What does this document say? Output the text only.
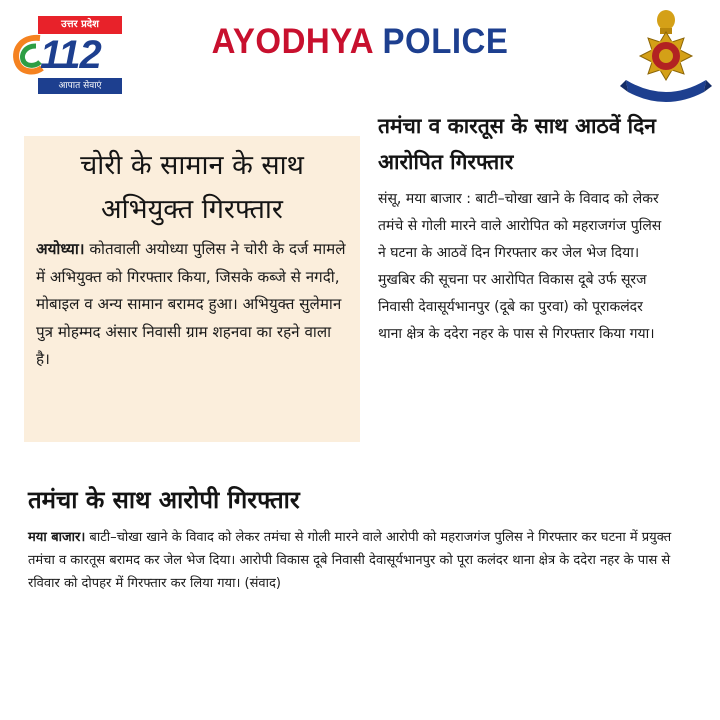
उत्तर प्रदेश
112
आपात सेवाएं
AYODHYA POLICE

चोरी के सामान के साथ अभियुक्त गिरफ्तार

अयोध्या। कोतवाली अयोध्या पुलिस ने चोरी के दर्ज मामले में अभियुक्त को गिरफ्तार किया, जिसके कब्जे से नगदी, मोबाइल व अन्य सामान बरामद हुआ। अभियुक्त सुलेमान पुत्र मोहम्मद अंसार निवासी ग्राम शहनवा का रहने वाला है।

तमंचा व कारतूस के साथ आठवें दिन आरोपित गिरफ्तार

संसू, मया बाजार : बाटी–चोखा खाने के विवाद को लेकर तमंचे से गोली मारने वाले आरोपित को महराजगंज पुलिस ने घटना के आठवें दिन गिरफ्तार कर जेल भेज दिया। मुखबिर की सूचना पर आरोपित विकास दूबे उर्फ सूरज निवासी देवासूर्यभानपुर (दूबे का पुरवा) को पूराकलंदर थाना क्षेत्र के ददेरा नहर के पास से गिरफ्तार किया गया।

तमंचा के साथ आरोपी गिरफ्तार

मया बाजार। बाटी–चोखा खाने के विवाद को लेकर तमंचा से गोली मारने वाले आरोपी को महराजगंज पुलिस ने गिरफ्तार कर घटना में प्रयुक्त तमंचा व कारतूस बरामद कर जेल भेज दिया। आरोपी विकास दूबे निवासी देवासूर्यभानपुर को पूरा कलंदर थाना क्षेत्र के ददेरा नहर के पास से रविवार को दोपहर में गिरफ्तार कर लिया गया। (संवाद)
